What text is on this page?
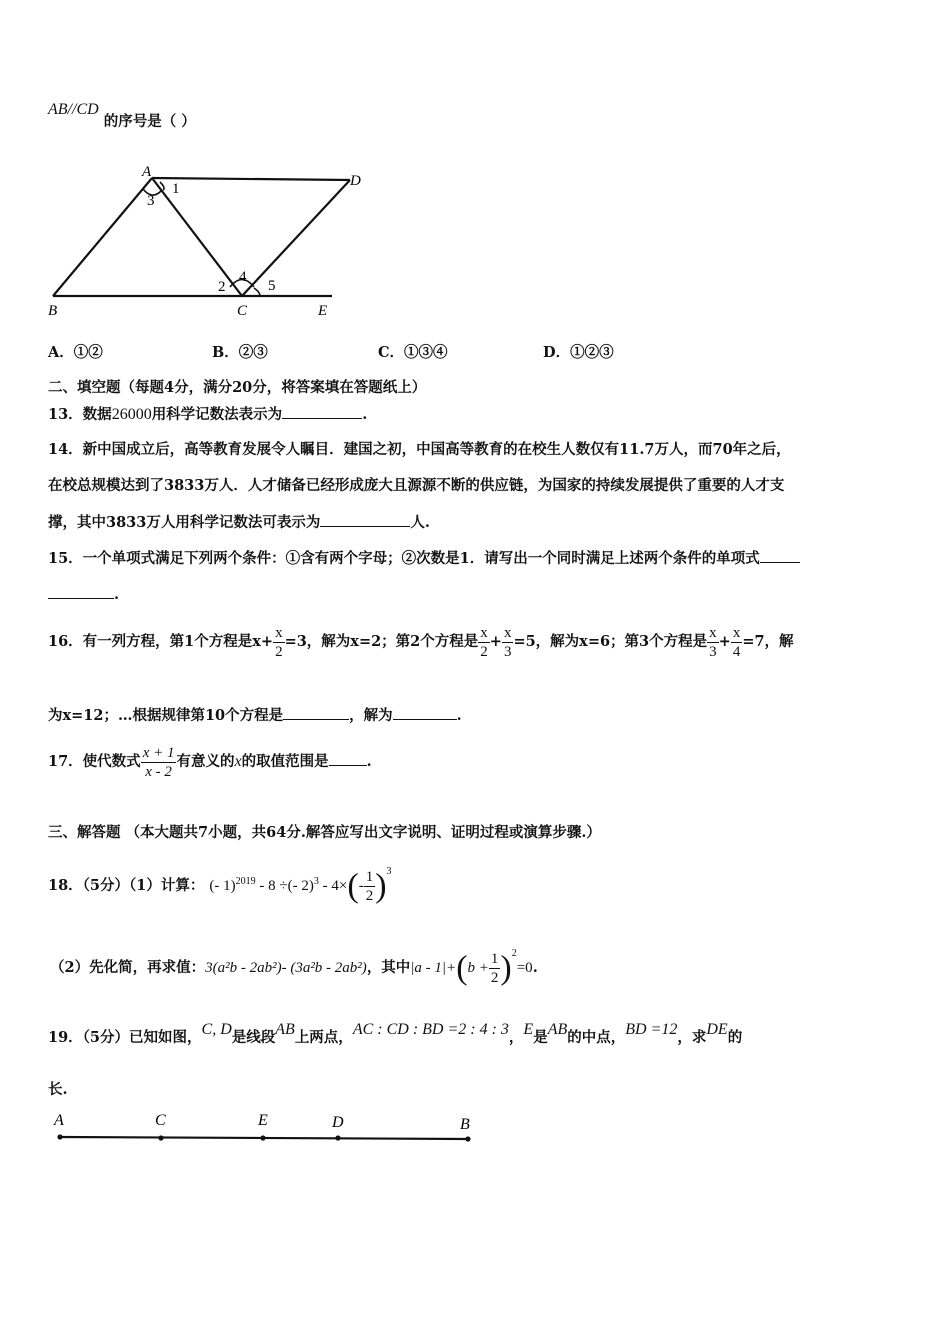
AB//CD 的序号是（ ）
A
1
3
D
4
2	5
B	C	E
A．①②	B．②③	C．①③④	D．①②③
二、填空题（每题4分，满分20分，将答案填在答题纸上）
13．数据26000用科学记数法表示为	.
14．新中国成立后，高等教育发展令人瞩目．建国之初，中国高等教育的在校生人数仅有11.7万人，而70年之后，
在校总规模达到了3833万人．人才储备已经形成庞大且源源不断的供应链，为国家的持续发展提供了重要的人才支
撑，其中3833万人用科学记数法可表示为	人.
15．一个单项式满足下列两个条件：①含有两个字母；②次数是1．请写出一个同时满足上述两个条件的单项式
.
16．有一列方程，第1个方程是$x+ \frac{x}{2} =3$，解为x=2；第2个方程是 $\frac{x}{2} + \frac{x}{3} =5$，解为x=6；第3个方程是 $\frac{x}{3} + \frac{x}{4} =7$，解
为x=12；…根据规律第10个方程是	，解为	.
17．使代数式 $\frac{x + 1}{x - 2}$ 有意义的x的取值范围是	.
三、解答题 （本大题共7小题，共64分.解答应写出文字说明、证明过程或演算步骤.）
18．（5分）（1）计算： (- 1)$^{2019}$ - 8 ÷(- $2)^3 - 4\times(- \frac{1}{2} )^3$
（2）先化简，再求值：3(a²b - 2ab²)- (3a²b - 2ab²)，其中$|a - 1|+(b + \frac{1}{2} )^2=0$.
19．（5分）已知如图，C, D是线段AB上两点，AC : CD : BD =2 : 4 : 3，E是AB的中点，BD =12，求DE的
长.
A	C	E	D	B
